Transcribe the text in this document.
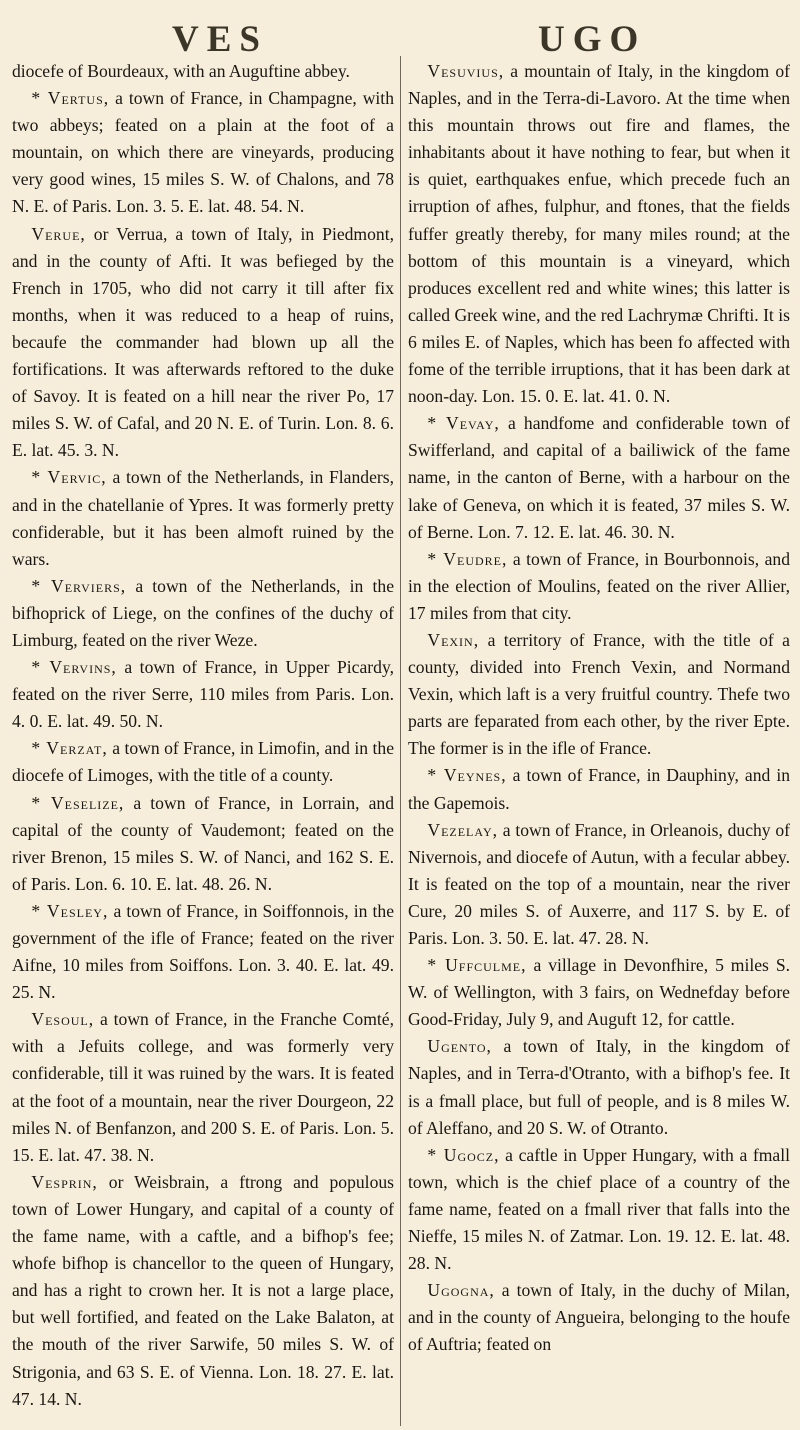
VES	UGO

diocefe of Bourdeaux, with an Auguftine abbey.

* Vertus, a town of France, in Champagne, with two abbeys; feated on a plain at the foot of a mountain, on which there are vineyards, producing very good wines, 15 miles S. W. of Chalons, and 78 N. E. of Paris. Lon. 3. 5. E. lat. 48. 54. N.

Verue, or Verrua, a town of Italy, in Piedmont, and in the county of Afti. It was befieged by the French in 1705, who did not carry it till after fix months, when it was reduced to a heap of ruins, becaufe the commander had blown up all the fortifications. It was afterwards reftored to the duke of Savoy. It is feated on a hill near the river Po, 17 miles S. W. of Cafal, and 20 N. E. of Turin. Lon. 8. 6. E. lat. 45. 3. N.

* Vervic, a town of the Netherlands, in Flanders, and in the chatellanie of Ypres. It was formerly pretty confiderable, but it has been almoft ruined by the wars.

* Verviers, a town of the Netherlands, in the bifhoprick of Liege, on the confines of the duchy of Limburg, feated on the river Weze.

* Vervins, a town of France, in Upper Picardy, feated on the river Serre, 110 miles from Paris. Lon. 4. 0. E. lat. 49. 50. N.

* Verzat, a town of France, in Limofin, and in the diocefe of Limoges, with the title of a county.

* Veselize, a town of France, in Lorrain, and capital of the county of Vaudemont; feated on the river Brenon, 15 miles S. W. of Nanci, and 162 S. E. of Paris. Lon. 6. 10. E. lat. 48. 26. N.

* Vesley, a town of France, in Soiffonnois, in the government of the ifle of France; feated on the river Aifne, 10 miles from Soiffons. Lon. 3. 40. E. lat. 49. 25. N.

Vesoul, a town of France, in the Franche Comté, with a Jefuits college, and was formerly very confiderable, till it was ruined by the wars. It is feated at the foot of a mountain, near the river Dourgeon, 22 miles N. of Benfanzon, and 200 S. E. of Paris. Lon. 5. 15. E. lat. 47. 38. N.

Vesprin, or Weisbrain, a ftrong and populous town of Lower Hungary, and capital of a county of the fame name, with a caftle, and a bifhop's fee; whofe bifhop is chancellor to the queen of Hungary, and has a right to crown her. It is not a large place, but well fortified, and feated on the Lake Balaton, at the mouth of the river Sarwife, 50 miles S. W. of Strigonia, and 63 S. E. of Vienna. Lon. 18. 27. E. lat. 47. 14. N.

Vesuvius, a mountain of Italy, in the kingdom of Naples, and in the Terra-di-Lavoro. At the time when this mountain throws out fire and flames, the inhabitants about it have nothing to fear, but when it is quiet, earthquakes enfue, which precede fuch an irruption of afhes, fulphur, and ftones, that the fields fuffer greatly thereby, for many miles round; at the bottom of this mountain is a vineyard, which produces excellent red and white wines; this latter is called Greek wine, and the red Lachrymæ Chrifti. It is 6 miles E. of Naples, which has been fo affected with fome of the terrible irruptions, that it has been dark at noon-day. Lon. 15. 0. E. lat. 41. 0. N.

* Vevay, a handfome and confiderable town of Swifferland, and capital of a bailiwick of the fame name, in the canton of Berne, with a harbour on the lake of Geneva, on which it is feated, 37 miles S. W. of Berne. Lon. 7. 12. E. lat. 46. 30. N.

* Veudre, a town of France, in Bourbonnois, and in the election of Moulins, feated on the river Allier, 17 miles from that city.

Vexin, a territory of France, with the title of a county, divided into French Vexin, and Normand Vexin, which laft is a very fruitful country. Thefe two parts are feparated from each other, by the river Epte. The former is in the ifle of France.

* Veynes, a town of France, in Dauphiny, and in the Gapemois.

Vezelay, a town of France, in Orleanois, duchy of Nivernois, and diocefe of Autun, with a fecular abbey. It is feated on the top of a mountain, near the river Cure, 20 miles S. of Auxerre, and 117 S. by E. of Paris. Lon. 3. 50. E. lat. 47. 28. N.

* Uffculme, a village in Devonfhire, 5 miles S. W. of Wellington, with 3 fairs, on Wednefday before Good-Friday, July 9, and Auguft 12, for cattle.

Ugento, a town of Italy, in the kingdom of Naples, and in Terra-d'Otranto, with a bifhop's fee. It is a fmall place, but full of people, and is 8 miles W. of Aleffano, and 20 S. W. of Otranto.

* Ugocz, a caftle in Upper Hungary, with a fmall town, which is the chief place of a country of the fame name, feated on a fmall river that falls into the Nieffe, 15 miles N. of Zatmar. Lon. 19. 12. E. lat. 48. 28. N.

Ugogna, a town of Italy, in the duchy of Milan, and in the county of Angueira, belonging to the houfe of Auftria; feated on
